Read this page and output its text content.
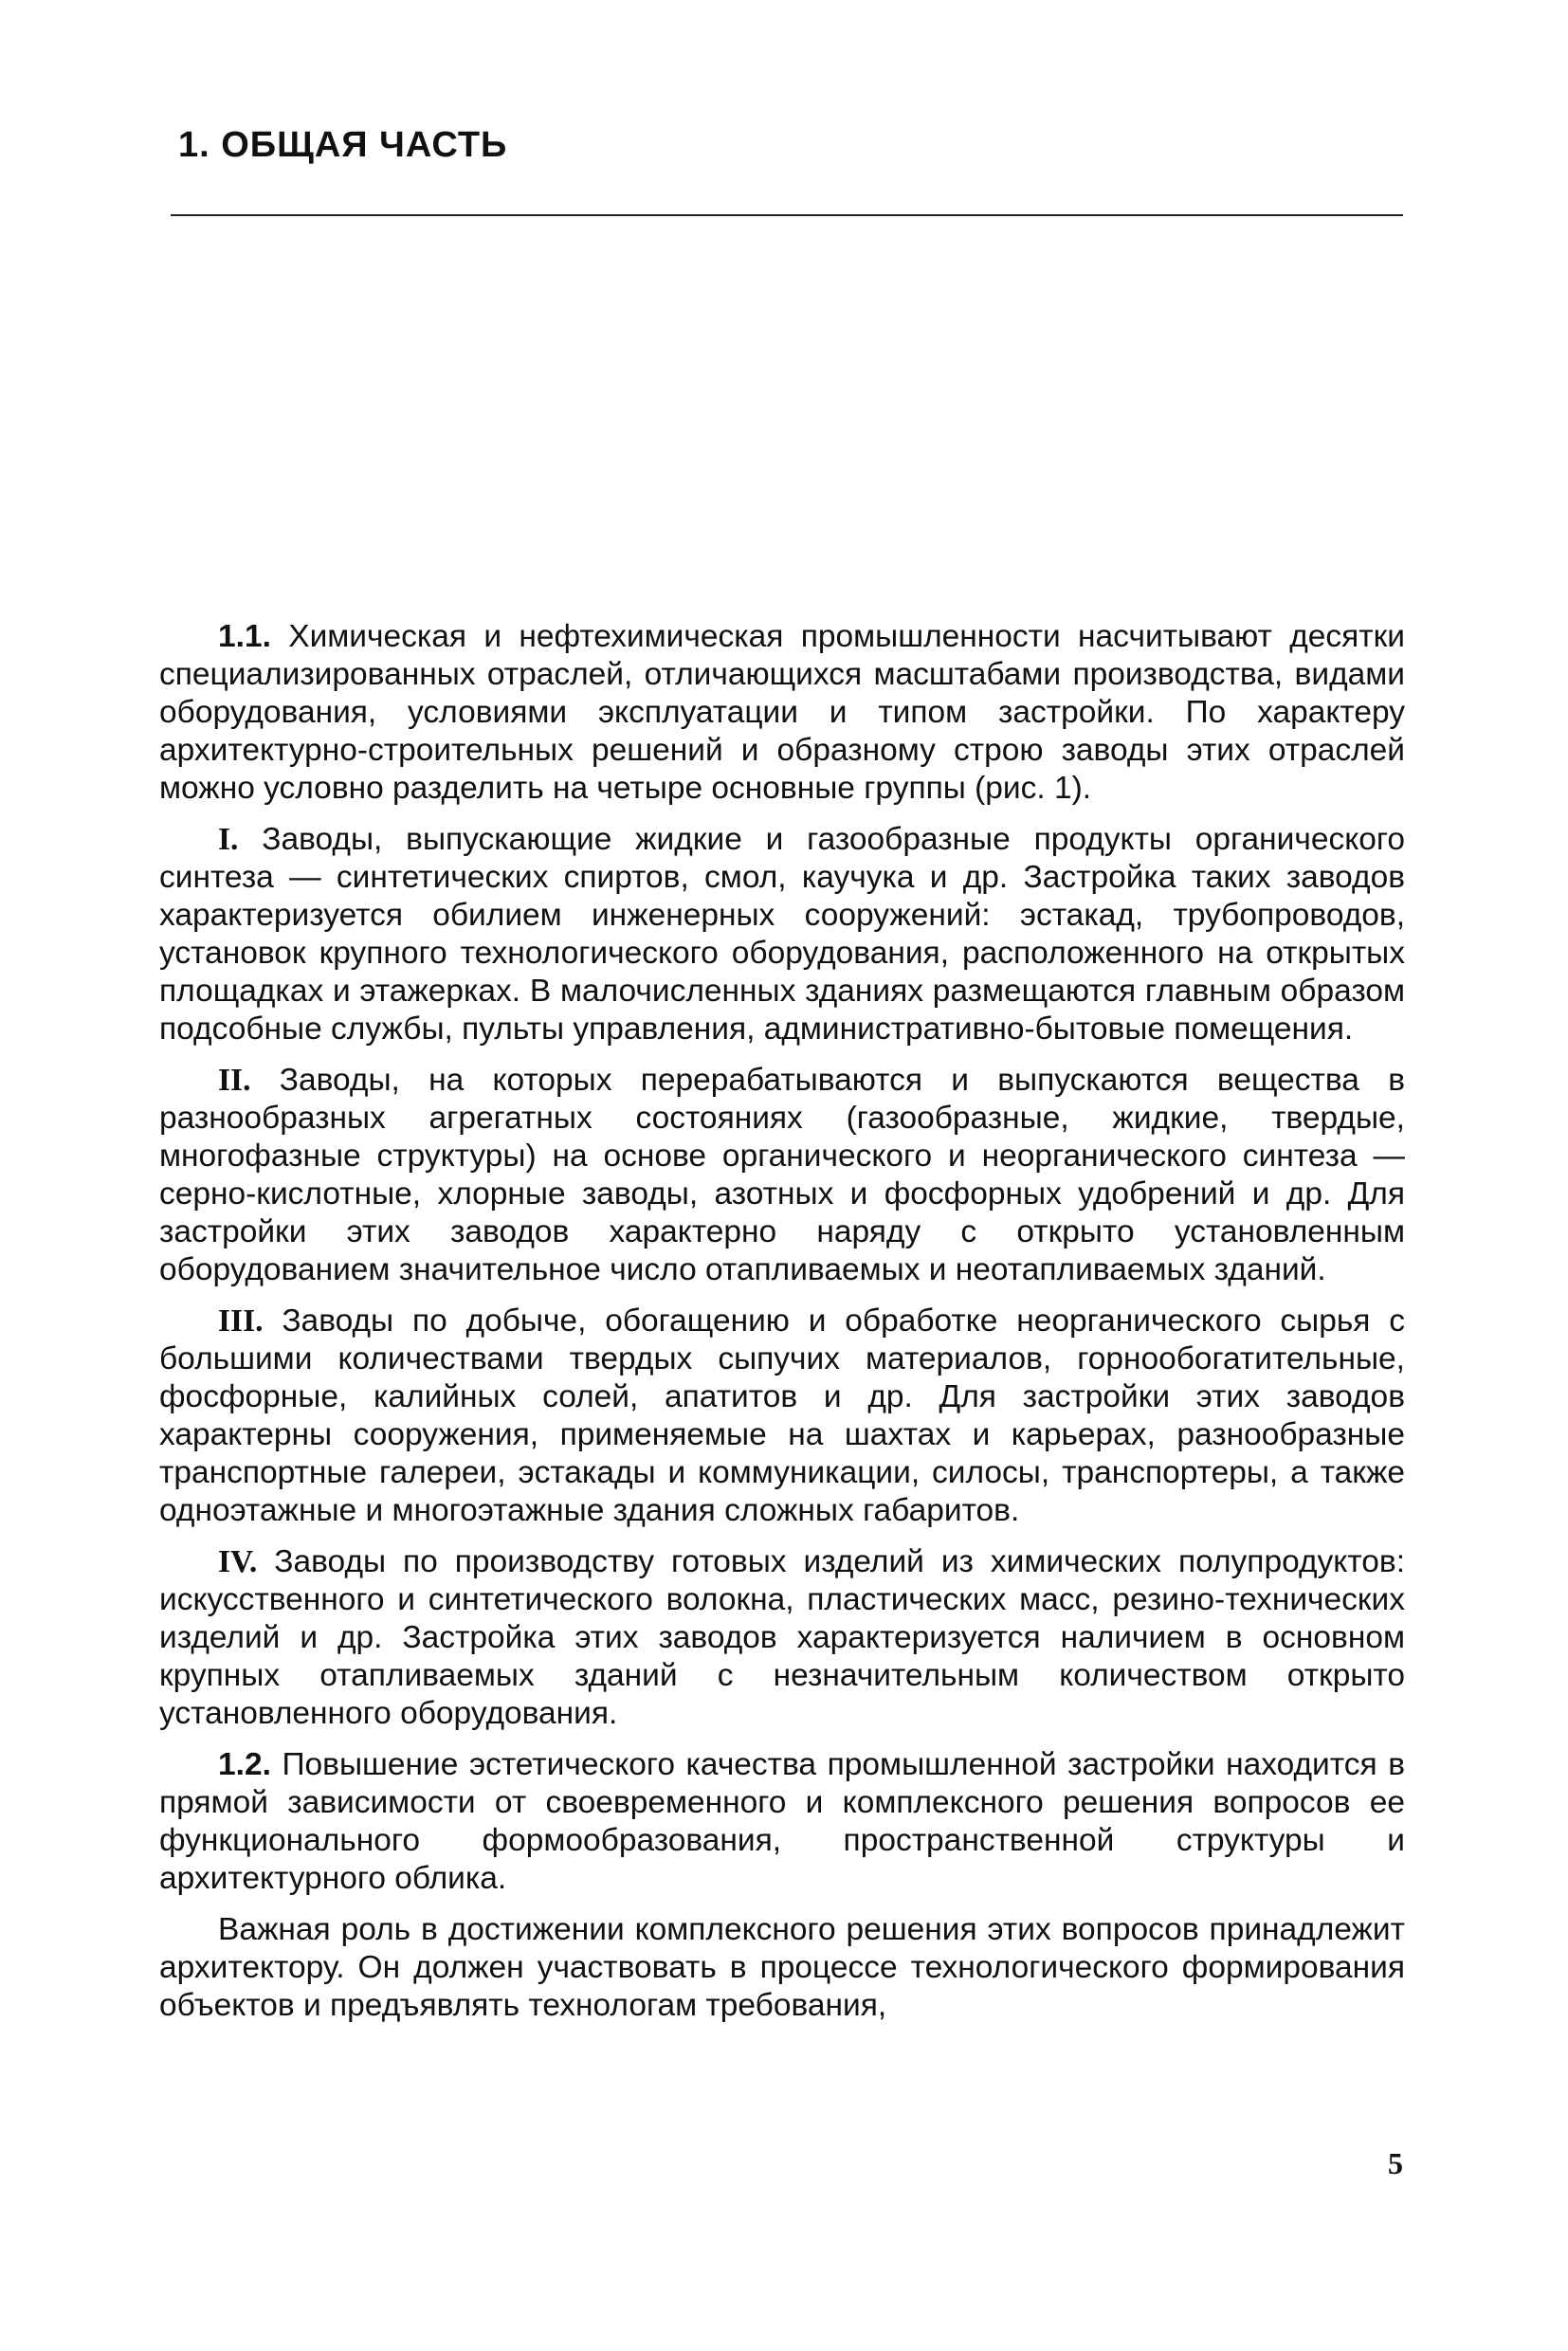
1. ОБЩАЯ ЧАСТЬ

1.1. Химическая и нефтехимическая промышленности насчитывают десятки специализированных отраслей, отличающихся масштабами производства, видами оборудования, условиями эксплуатации и типом застройки. По характеру архитектурно-строительных решений и образному строю заводы этих отраслей можно условно разделить на четыре основные группы (рис. 1).

I. Заводы, выпускающие жидкие и газообразные продукты органического синтеза — синтетических спиртов, смол, каучука и др. Застройка таких заводов характеризуется обилием инженерных сооружений: эстакад, трубопроводов, установок крупного технологического оборудования, расположенного на открытых площадках и этажерках. В малочисленных зданиях размещаются главным образом подсобные службы, пульты управления, административно-бытовые помещения.

II. Заводы, на которых перерабатываются и выпускаются вещества в разнообразных агрегатных состояниях (газообразные, жидкие, твердые, многофазные структуры) на основе органического и неорганического синтеза — серно-кислотные, хлорные заводы, азотных и фосфорных удобрений и др. Для застройки этих заводов характерно наряду с открыто установленным оборудованием значительное число отапливаемых и неотапливаемых зданий.

III. Заводы по добыче, обогащению и обработке неорганического сырья с большими количествами твердых сыпучих материалов, горнообогатительные, фосфорные, калийных солей, апатитов и др. Для застройки этих заводов характерны сооружения, применяемые на шахтах и карьерах, разнообразные транспортные галереи, эстакады и коммуникации, силосы, транспортеры, а также одноэтажные и многоэтажные здания сложных габаритов.

IV. Заводы по производству готовых изделий из химических полупродуктов: искусственного и синтетического волокна, пластических масс, резино-технических изделий и др. Застройка этих заводов характеризуется наличием в основном крупных отапливаемых зданий с незначительным количеством открыто установленного оборудования.

1.2. Повышение эстетического качества промышленной застройки находится в прямой зависимости от своевременного и комплексного решения вопросов ее функционального формообразования, пространственной структуры и архитектурного облика.

Важная роль в достижении комплексного решения этих вопросов принадлежит архитектору. Он должен участвовать в процессе технологического формирования объектов и предъявлять технологам требования,

5
